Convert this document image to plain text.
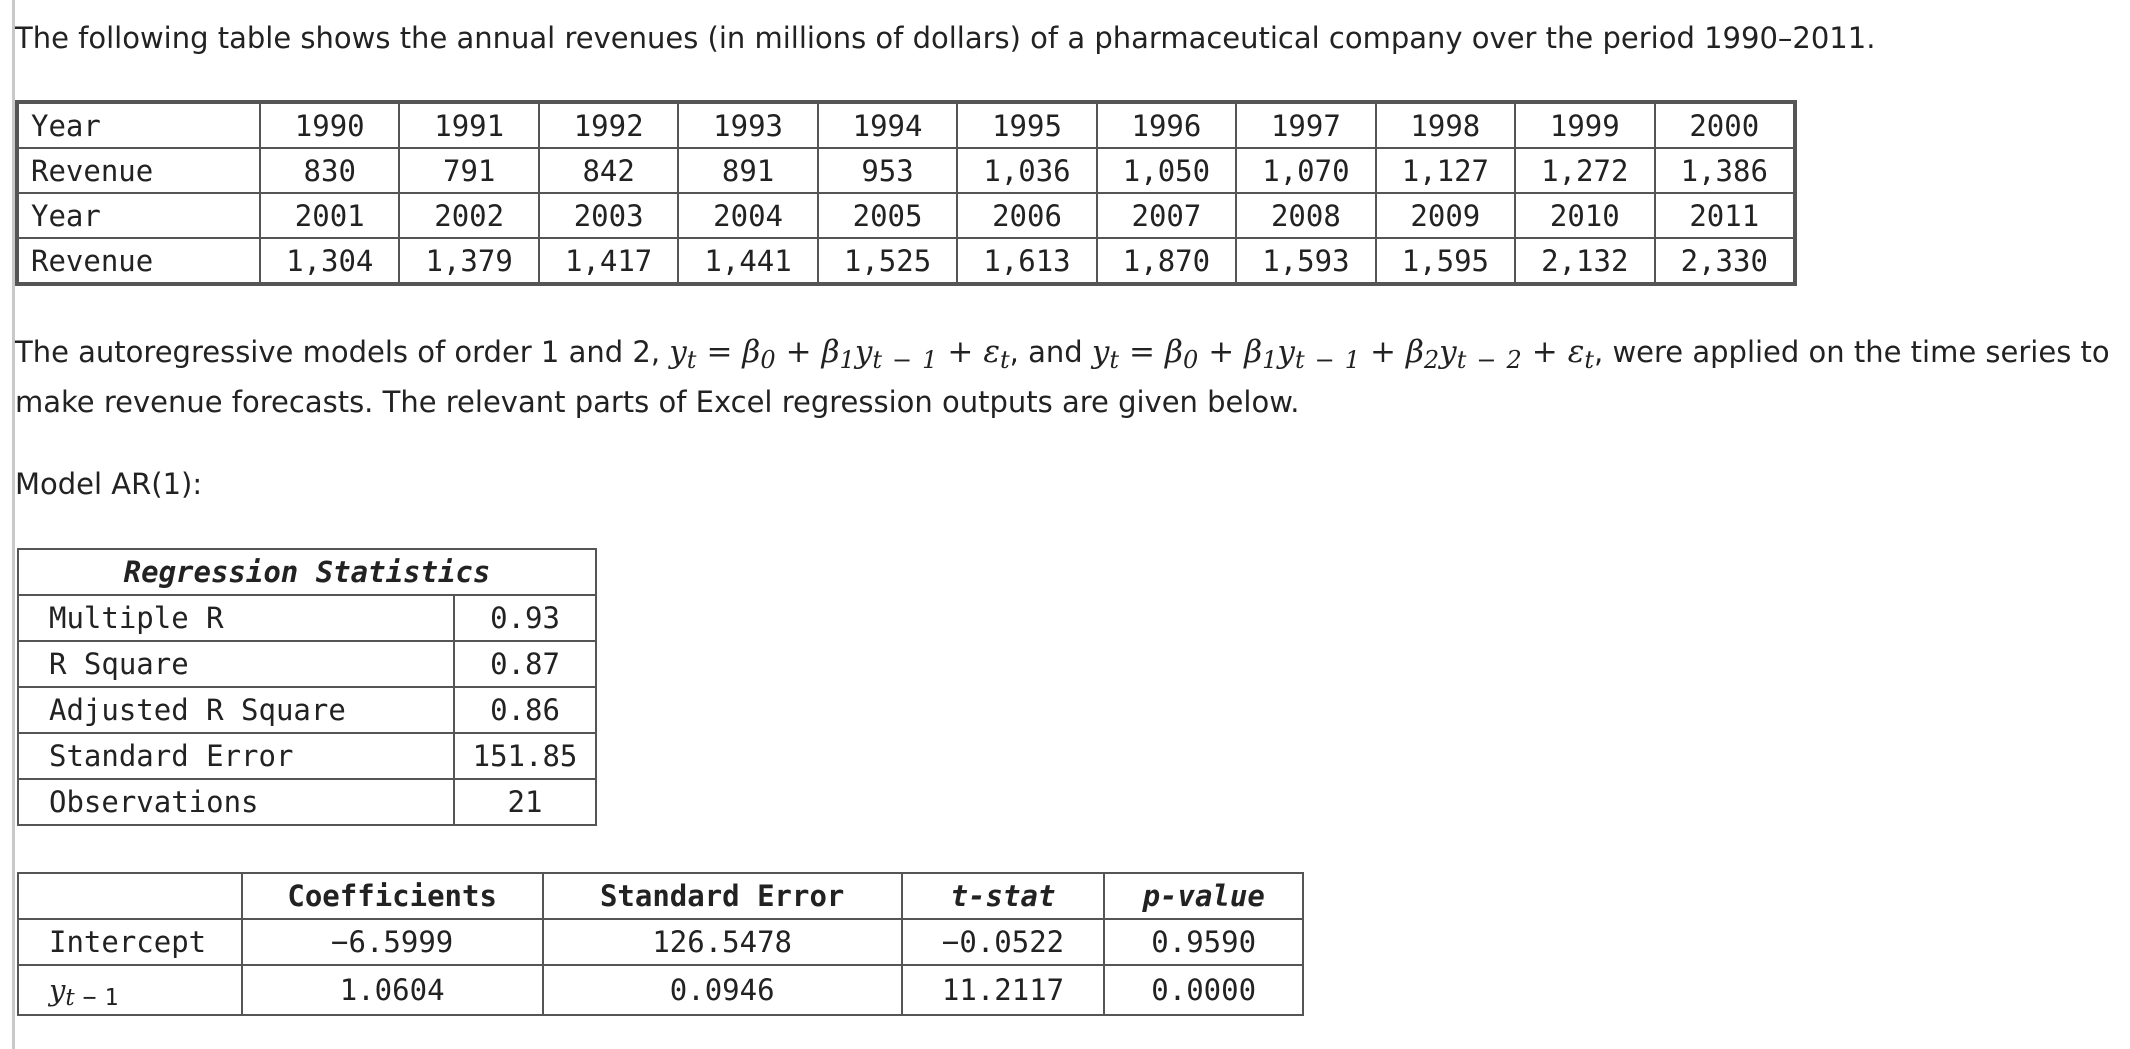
The following table shows the annual revenues (in millions of dollars) of a pharmaceutical company over the period 1990–2011.

Year	1990	1991	1992	1993	1994	1995	1996	1997	1998	1999	2000
Revenue	830	791	842	891	953	1,036	1,050	1,070	1,127	1,272	1,386
Year	2001	2002	2003	2004	2005	2006	2007	2008	2009	2010	2011
Revenue	1,304	1,379	1,417	1,441	1,525	1,613	1,870	1,593	1,595	2,132	2,330

The autoregressive models of order 1 and 2, yt = β0 + β1yt − 1 + εt, and yt = β0 + β1yt − 1 + β2yt − 2 + εt, were applied on the time series to make revenue forecasts. The relevant parts of Excel regression outputs are given below.

Model AR(1):

Regression Statistics	
Multiple R	0.93
R Square	0.87
Adjusted R Square	0.86
Standard Error	151.85
Observations	21
	Coefficients	Standard Error	t-stat	p-value
Intercept	−6.5999	126.5478	−0.0522	0.9590
yt − 1	1.0604	0.0946	11.2117	0.0000
